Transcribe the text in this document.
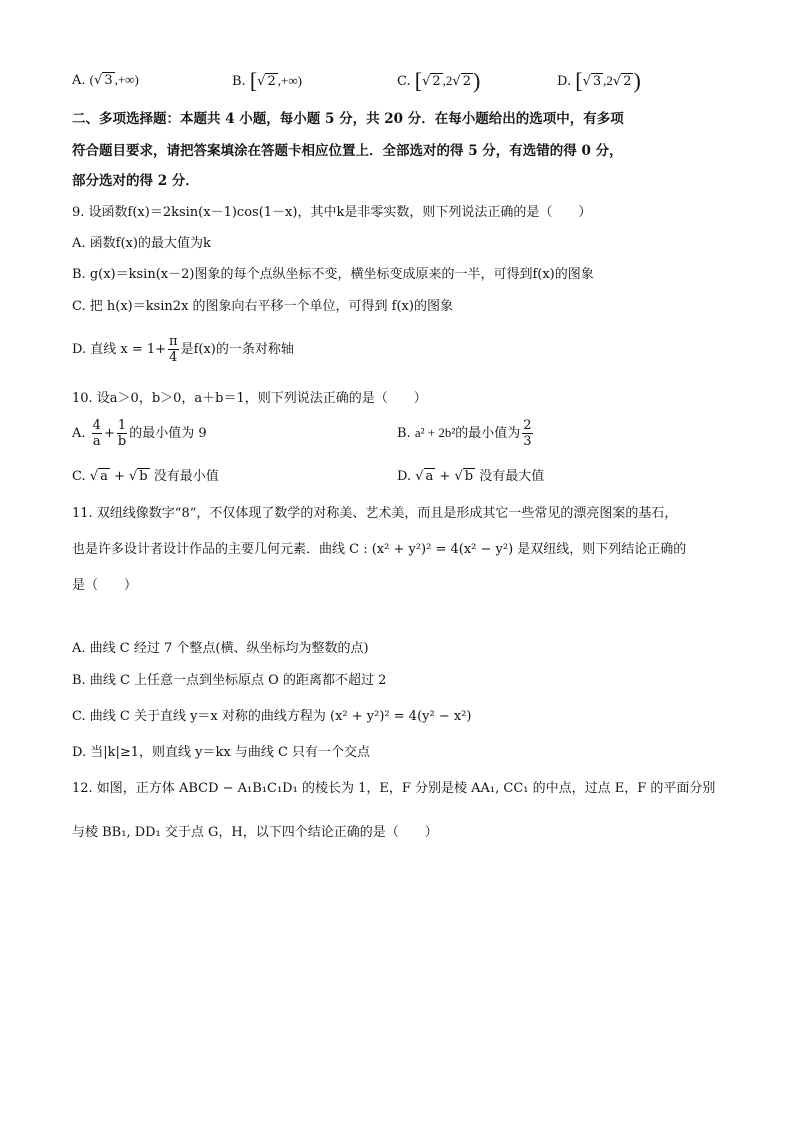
A. (√ 3 ,+∞)	B. [√ 2 ,+∞)	C. [√ 2 ,2√ 2)	D. [√ 3 ,2√ 2)
二、多项选择题：本题共 4 小题，每小题 5 分，共 20 分．在每小题给出的选项中，有多项
符合题目要求，请把答案填涂在答题卡相应位置上．全部选对的得 5 分，有选错的得 0 分，
部分选对的得 2 分．
9. 设函数f(x)＝2ksin(x－1)cos(1－x)，其中k是非零实数，则下列说法正确的是（　　）
A. 函数f(x)的最大值为k
B. g(x)＝ksin(x－2)图象的每个点纵坐标不变，横坐标变成原来的一半，可得到f(x)的图象
C. 把 h(x)＝ksin2x 的图象向右平移一个单位，可得到 f(x)的图象
D. 直线 $x = 1+ \frac{\pi}{4}$ 是f(x)的一条对称轴
10. 设a＞0，b＞0，a＋b＝1，则下列说法正确的是（　　）
A. $\frac{4}{a} + \frac{1}{b}$ 的最小值为 9	B. a² + 2b²的最小值为 $\frac{2}{3}$
C. √ a + √ b 没有最小值	D. √ a + √ b 没有最大值
11. 双纽线像数字“8”，不仅体现了数学的对称美、艺术美，而且是形成其它一些常见的漂亮图案的基石，
也是许多设计者设计作品的主要几何元素．曲线 C : (x² + y²)² = 4(x² − y²) 是双纽线，则下列结论正确的
是（　　）
A. 曲线 C 经过 7 个整点(横、纵坐标均为整数的点)
B. 曲线 C 上任意一点到坐标原点 O 的距离都不超过 2
C. 曲线 C 关于直线 y＝x 对称的曲线方程为 (x² + y²)² = 4(y² − x²)
D. 当|k|≥1，则直线 y＝kx 与曲线 C 只有一个交点
12. 如图，正方体 ABCD − A₁B₁C₁D₁ 的棱长为 1，E，F 分别是棱 AA₁, CC₁ 的中点，过点 E，F 的平面分别
与棱 BB₁, DD₁ 交于点 G，H，以下四个结论正确的是（　　）
